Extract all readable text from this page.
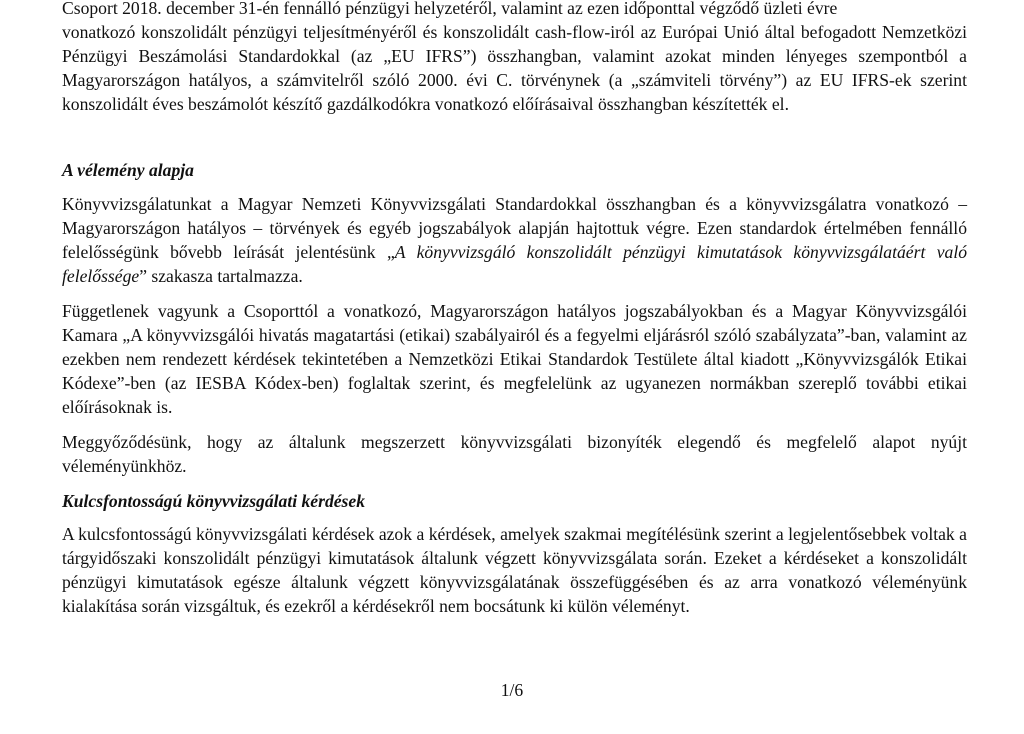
Csoport 2018. december 31-én fennálló pénzügyi helyzetéről, valamint az ezen időponttal végződő üzleti évre

vonatkozó konszolidált pénzügyi teljesítményéről és konszolidált cash-flow-iról az Európai Unió által befogadott Nemzetközi Pénzügyi Beszámolási Standardokkal (az „EU IFRS”) összhangban, valamint azokat minden lényeges szempontból a Magyarországon hatályos, a számvitelről szóló 2000. évi C. törvénynek (a „számviteli törvény”) az EU IFRS-ek szerint konszolidált éves beszámolót készítő gazdálkodókra vonatkozó előírásaival összhangban készítették el.

A vélemény alapja

Könyvvizsgálatunkat a Magyar Nemzeti Könyvvizsgálati Standardokkal összhangban és a könyvvizsgálatra vonatkozó – Magyarországon hatályos – törvények és egyéb jogszabályok alapján hajtottuk végre. Ezen standardok értelmében fennálló felelősségünk bővebb leírását jelentésünk „A könyvvizsgáló konszolidált pénzügyi kimutatások könyvvizsgálatáért való felelőssége” szakasza tartalmazza.

Függetlenek vagyunk a Csoporttól a vonatkozó, Magyarországon hatályos jogszabályokban és a Magyar Könyvvizsgálói Kamara „A könyvvizsgálói hivatás magatartási (etikai) szabályairól és a fegyelmi eljárásról szóló szabályzata”-ban, valamint az ezekben nem rendezett kérdések tekintetében a Nemzetközi Etikai Standardok Testülete által kiadott „Könyvvizsgálók Etikai Kódexe”-ben (az IESBA Kódex-ben) foglaltak szerint, és megfelelünk az ugyanezen normákban szereplő további etikai előírásoknak is.

Meggyőződésünk, hogy az általunk megszerzett könyvvizsgálati bizonyíték elegendő és megfelelő alapot nyújt véleményünkhöz.

Kulcsfontosságú könyvvizsgálati kérdések

A kulcsfontosságú könyvvizsgálati kérdések azok a kérdések, amelyek szakmai megítélésünk szerint a legjelentősebbek voltak a tárgyidőszaki konszolidált pénzügyi kimutatások általunk végzett könyvvizsgálata során. Ezeket a kérdéseket a konszolidált pénzügyi kimutatások egésze általunk végzett könyvvizsgálatának összefüggésében és az arra vonatkozó véleményünk kialakítása során vizsgáltuk, és ezekről a kérdésekről nem bocsátunk ki külön véleményt.

1/6
